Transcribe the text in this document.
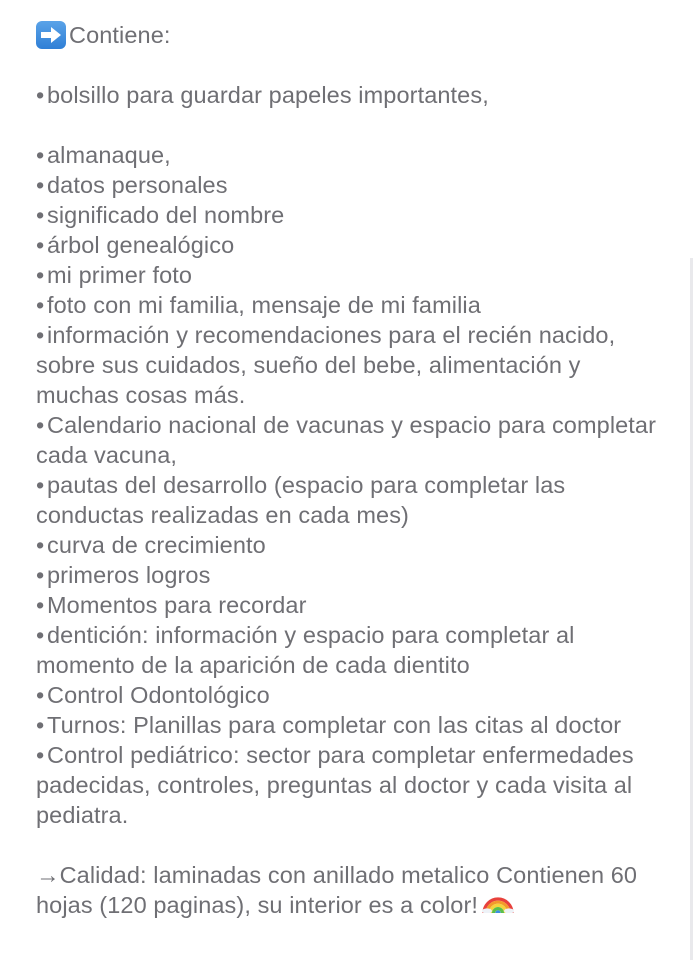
Contiene:
• bolsillo para guardar papeles importantes,
• almanaque,
• datos personales
• significado del nombre
• árbol genealógico
• mi primer foto
• foto con mi familia, mensaje de mi familia
• información y recomendaciones para el recién nacido, sobre sus cuidados, sueño del bebe, alimentación y muchas cosas más.
• Calendario nacional de vacunas y espacio para completar cada vacuna,
• pautas del desarrollo (espacio para completar las conductas realizadas en cada mes)
• curva de crecimiento
• primeros logros
• Momentos para recordar
• dentición: información y espacio para completar al momento de la aparición de cada dientito
• Control Odontológico
• Turnos: Planillas para completar con las citas al doctor
• Control pediátrico: sector para completar enfermedades padecidas, controles, preguntas al doctor y cada visita al pediatra.
→Calidad: laminadas con anillado metalico Contienen 60 hojas (120 paginas), su interior es a color!
